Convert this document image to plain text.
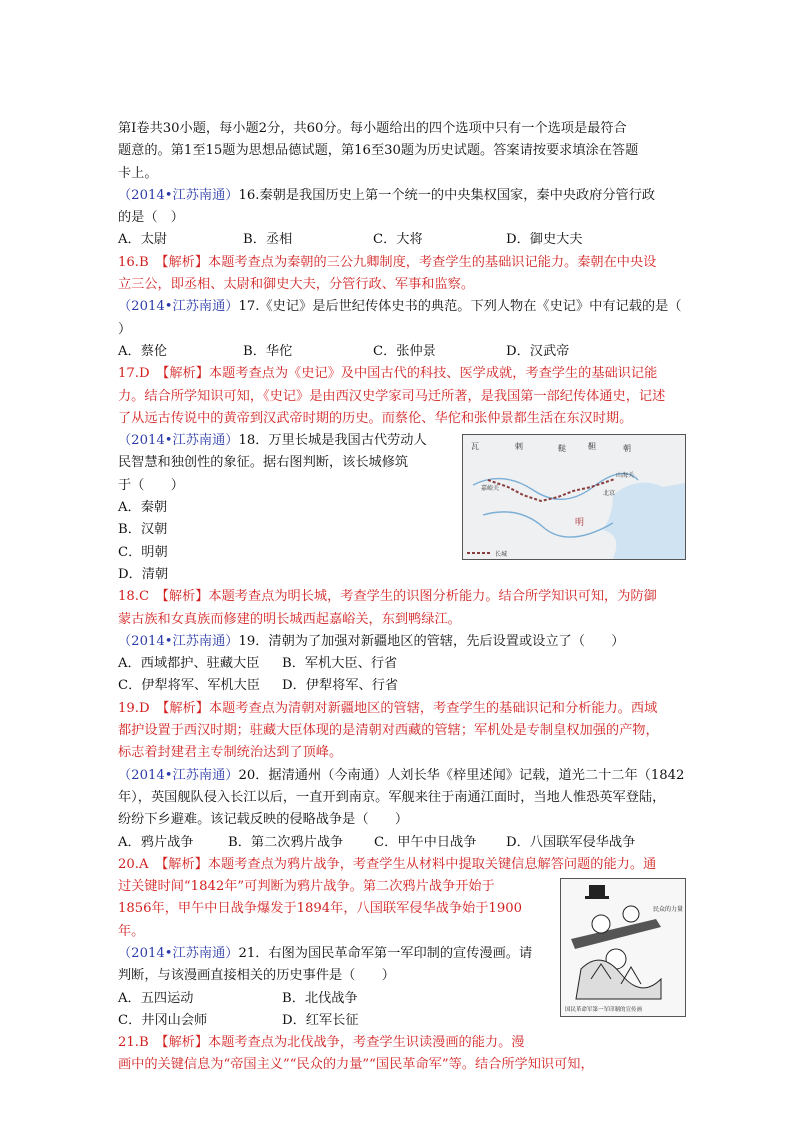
第Ⅰ卷共30小题，每小题2分，共60分。每小题给出的四个选项中只有一个选项是最符合

题意的。第1至15题为思想品德试题，第16至30题为历史试题。答案请按要求填涂在答题

卡上。

（2014•江苏南通）16.秦朝是我国历史上第一个统一的中央集权国家，秦中央政府分管行政

的是（　）

A．太尉	B．丞相	C．大将	D．御史大夫

16.B　【解析】本题考查点为秦朝的三公九卿制度，考查学生的基础识记能力。秦朝在中央设

立三公，即丞相、太尉和御史大夫，分管行政、军事和监察。

（2014•江苏南通）17.《史记》是后世纪传体史书的典范。下列人物在《史记》中有记载的是（

）

A．蔡伦	B．华佗	C．张仲景	D．汉武帝

17.D　【解析】本题考查点为《史记》及中国古代的科技、医学成就，考查学生的基础识记能

力。结合所学知识可知，《史记》是由西汉史学家司马迁所著，是我国第一部纪传体通史，记述

了从远古传说中的黄帝到汉武帝时期的历史。而蔡伦、华佗和张仲景都生活在东汉时期。

（2014•江苏南通）18．万里长城是我国古代劳动人

民智慧和独创性的象征。据右图判断，该长城修筑

于（　　）

A．秦朝

B．汉朝

C．明朝

D．清朝

瓦	剌	鞑	靼	朝
嘉峪关
北京
山海关
明
长城

18.C　【解析】本题考查点为明长城，考查学生的识图分析能力。结合所学知识可知，为防御

蒙古族和女真族而修建的明长城西起嘉峪关，东到鸭绿江。

（2014•江苏南通）19．清朝为了加强对新疆地区的管辖，先后设置或设立了（　　）

A．西域都护、驻藏大臣	B．军机大臣、行省
C．伊犁将军、军机大臣	D．伊犁将军、行省

19.D　【解析】本题考查点为清朝对新疆地区的管辖，考查学生的基础识记和分析能力。西域

都护设置于西汉时期；驻藏大臣体现的是清朝对西藏的管辖；军机处是专制皇权加强的产物，

标志着封建君主专制统治达到了顶峰。

（2014•江苏南通）20．据清通州（今南通）人刘长华《梓里述闻》记载，道光二十二年（1842

年），英国舰队侵入长江以后，一直开到南京。军舰来往于南通江面时，当地人惟恐英军登陆，

纷纷下乡避难。该记载反映的侵略战争是（　　）

A．鸦片战争	B．第二次鸦片战争	C．甲午中日战争	D．八国联军侵华战争

20.A　【解析】本题考查点为鸦片战争，考查学生从材料中提取关键信息解答问题的能力。通

过关键时间“1842年”可判断为鸦片战争。第二次鸦片战争开始于

1856年，甲午中日战争爆发于1894年，八国联军侵华战争始于1900

年。

（2014•江苏南通）21．右图为国民革命军第一军印制的宣传漫画。请

判断，与该漫画直接相关的历史事件是（　　）

A．五四运动	B．北伐战争
C．井冈山会师	D．红军长征
民众的力量
国民革命军第一军印制的宣传画

21.B　【解析】本题考查点为北伐战争，考查学生识读漫画的能力。漫

画中的关键信息为“帝国主义”“民众的力量”“国民革命军”等。结合所学知识可知，
